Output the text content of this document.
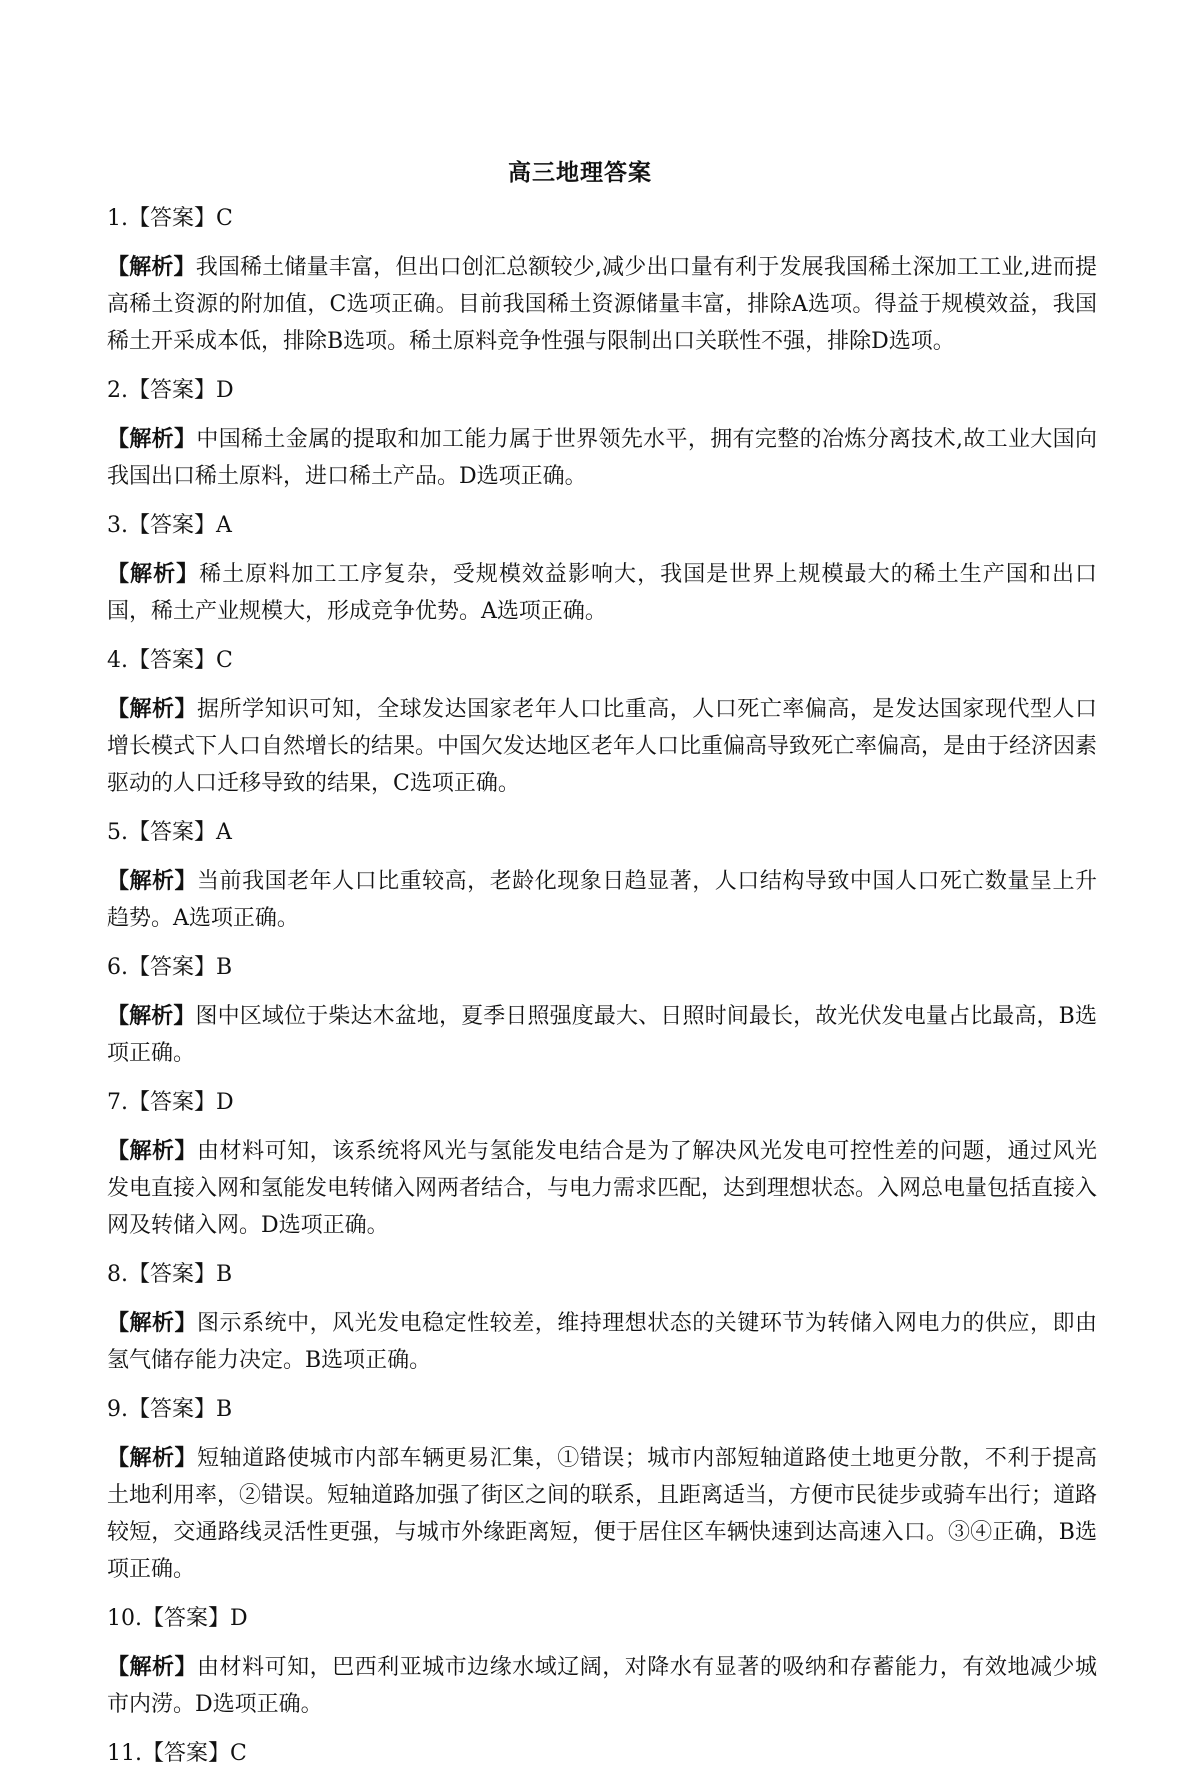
高三地理答案
1.【答案】C
【解析】我国稀土储量丰富，但出口创汇总额较少,减少出口量有利于发展我国稀土深加工工业,进而提高稀土资源的附加值，C选项正确。目前我国稀土资源储量丰富，排除A选项。得益于规模效益，我国稀土开采成本低，排除B选项。稀土原料竞争性强与限制出口关联性不强，排除D选项。
2.【答案】D
【解析】中国稀土金属的提取和加工能力属于世界领先水平，拥有完整的冶炼分离技术,故工业大国向我国出口稀土原料，进口稀土产品。D选项正确。
3.【答案】A
【解析】稀土原料加工工序复杂，受规模效益影响大，我国是世界上规模最大的稀土生产国和出口国，稀土产业规模大，形成竞争优势。A选项正确。
4.【答案】C
【解析】据所学知识可知，全球发达国家老年人口比重高，人口死亡率偏高，是发达国家现代型人口增长模式下人口自然增长的结果。中国欠发达地区老年人口比重偏高导致死亡率偏高，是由于经济因素驱动的人口迁移导致的结果，C选项正确。
5.【答案】A
【解析】当前我国老年人口比重较高，老龄化现象日趋显著，人口结构导致中国人口死亡数量呈上升趋势。A选项正确。
6.【答案】B
【解析】图中区域位于柴达木盆地，夏季日照强度最大、日照时间最长，故光伏发电量占比最高，B选项正确。
7.【答案】D
【解析】由材料可知，该系统将风光与氢能发电结合是为了解决风光发电可控性差的问题，通过风光发电直接入网和氢能发电转储入网两者结合，与电力需求匹配，达到理想状态。入网总电量包括直接入网及转储入网。D选项正确。
8.【答案】B
【解析】图示系统中，风光发电稳定性较差，维持理想状态的关键环节为转储入网电力的供应，即由氢气储存能力决定。B选项正确。
9.【答案】B
【解析】短轴道路使城市内部车辆更易汇集，①错误；城市内部短轴道路使土地更分散，不利于提高土地利用率，②错误。短轴道路加强了街区之间的联系，且距离适当，方便市民徒步或骑车出行；道路较短，交通路线灵活性更强，与城市外缘距离短，便于居住区车辆快速到达高速入口。③④正确，B选项正确。
10.【答案】D
【解析】由材料可知，巴西利亚城市边缘水域辽阔，对降水有显著的吸纳和存蓄能力，有效地减少城市内涝。D选项正确。
11.【答案】C
